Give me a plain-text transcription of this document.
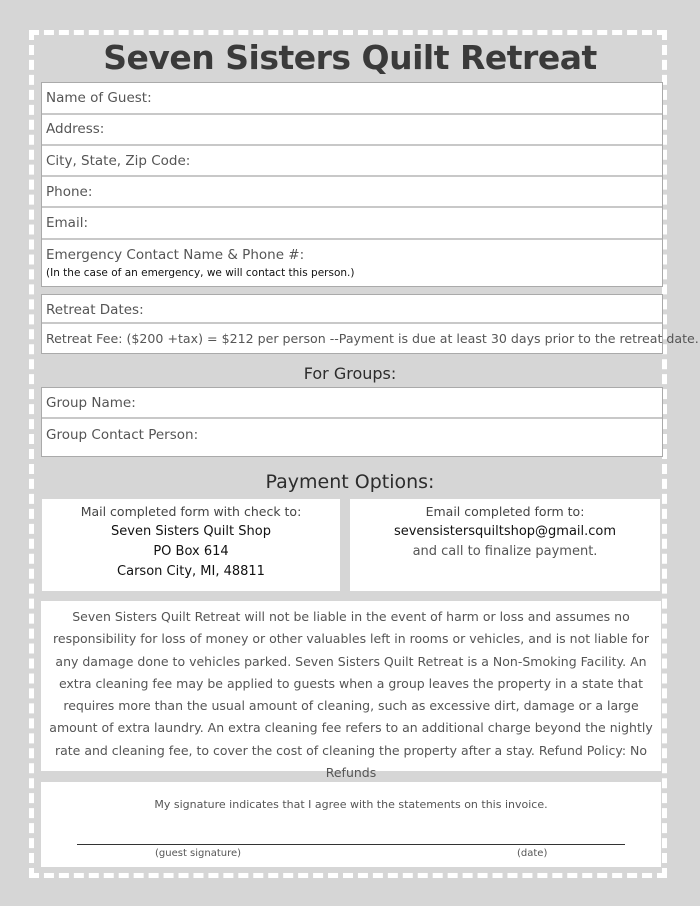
Seven Sisters Quilt Retreat
Name of Guest:
Address:
City, State, Zip Code:
Phone:
Email:
Emergency Contact Name & Phone #:
(In the case of an emergency, we will contact this person.)
Retreat Dates:
Retreat Fee: ($200 +tax) = $212 per person --Payment is due at least 30 days prior to the retreat date.
For Groups:
Group Name:
Group Contact Person:
Payment Options:
Mail completed form with check to:
Seven Sisters Quilt Shop
PO Box 614
Carson City, MI, 48811
Email completed form to:
sevensistersquiltshop@gmail.com
and call to finalize payment.
Seven Sisters Quilt Retreat will not be liable in the event of harm or loss and assumes no responsibility for loss of money or other valuables left in rooms or vehicles, and is not liable for any damage done to vehicles parked. Seven Sisters Quilt Retreat is a Non-Smoking Facility. An extra cleaning fee may be applied to guests when a group leaves the property in a state that requires more than the usual amount of cleaning, such as excessive dirt, damage or a large amount of extra laundry. An extra cleaning fee refers to an additional charge beyond the nightly rate and cleaning fee, to cover the cost of cleaning the property after a stay. Refund Policy: No Refunds
My signature indicates that I agree with the statements on this invoice.
(guest signature)	(date)
